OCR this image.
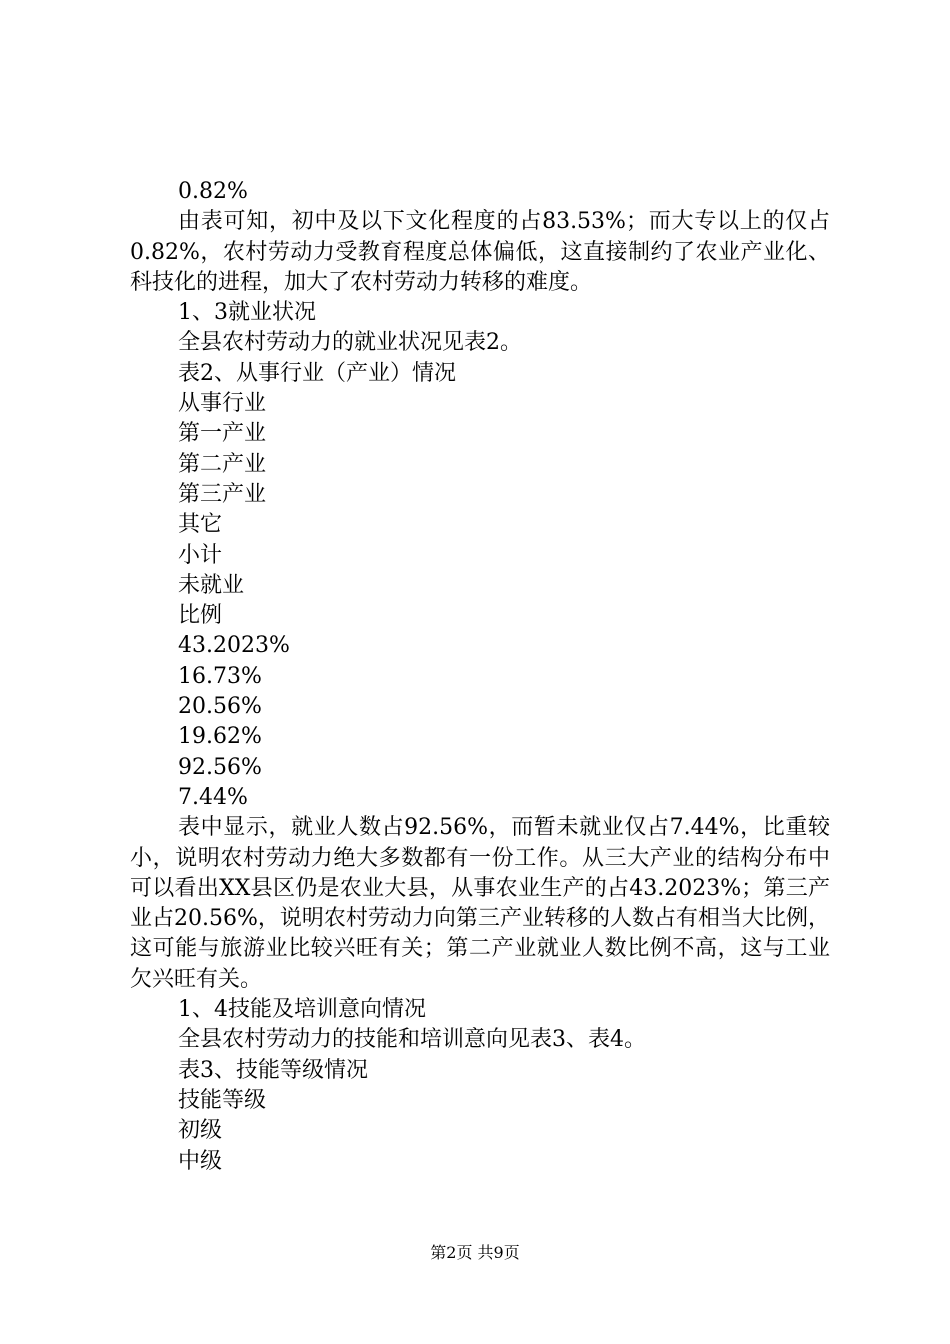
0.82%

由表可知，初中及以下文化程度的占83.53%；而大专以上的仅占0.82%，农村劳动力受教育程度总体偏低，这直接制约了农业产业化、科技化的进程，加大了农村劳动力转移的难度。

1、3就业状况
全县农村劳动力的就业状况见表2。
表2、从事行业（产业）情况
从事行业
第一产业
第二产业
第三产业
其它
小计
未就业
比例
43.2023%
16.73%
20.56%
19.62%
92.56%
7.44%

表中显示，就业人数占92.56%，而暂未就业仅占7.44%，比重较小，说明农村劳动力绝大多数都有一份工作。从三大产业的结构分布中可以看出XX县区仍是农业大县，从事农业生产的占43.2023%；第三产业占20.56%，说明农村劳动力向第三产业转移的人数占有相当大比例，这可能与旅游业比较兴旺有关；第二产业就业人数比例不高，这与工业欠兴旺有关。

1、4技能及培训意向情况
全县农村劳动力的技能和培训意向见表3、表4。
表3、技能等级情况
技能等级
初级
中级
第2页 共9页
